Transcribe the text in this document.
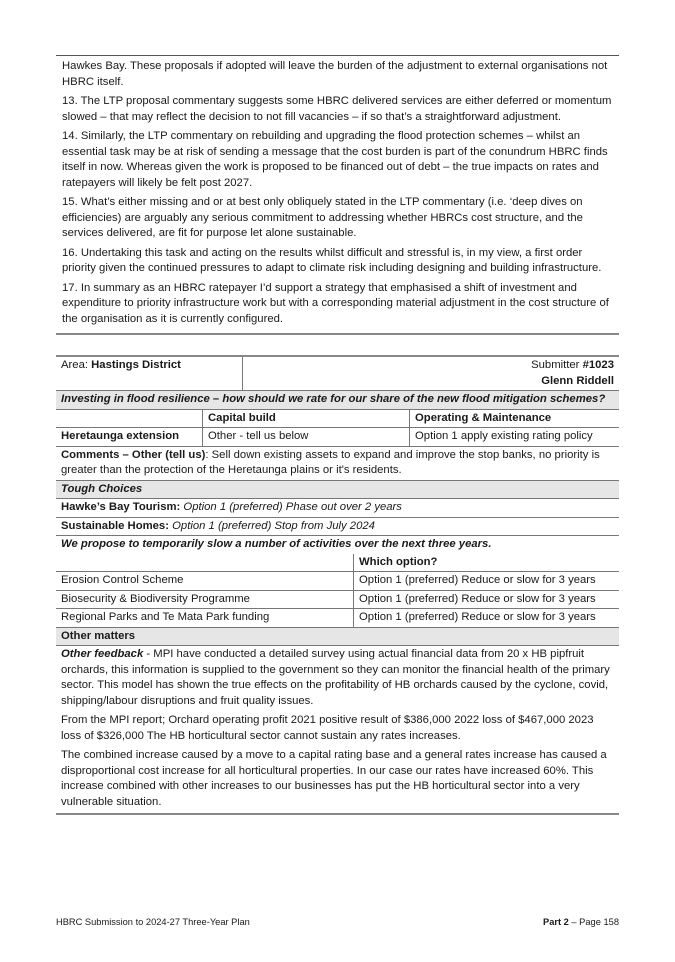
Hawkes Bay. These proposals if adopted will leave the burden of the adjustment to external organisations not HBRC itself.

13. The LTP proposal commentary suggests some HBRC delivered services are either deferred or momentum slowed – that may reflect the decision to not fill vacancies – if so that’s a straightforward adjustment.

14. Similarly, the LTP commentary on rebuilding and upgrading the flood protection schemes – whilst an essential task may be at risk of sending a message that the cost burden is part of the conundrum HBRC finds itself in now. Whereas given the work is proposed to be financed out of debt – the true impacts on rates and ratepayers will likely be felt post 2027.

15. What’s either missing and or at best only obliquely stated in the LTP commentary (i.e. ‘deep dives on efficiencies) are arguably any serious commitment to addressing whether HBRCs cost structure, and the services delivered, are fit for purpose let alone sustainable.

16. Undertaking this task and acting on the results whilst difficult and stressful is, in my view, a first order priority given the continued pressures to adapt to climate risk including designing and building infrastructure.

17. In summary as an HBRC ratepayer I’d support a strategy that emphasised a shift of investment and expenditure to priority infrastructure work but with a corresponding material adjustment in the cost structure of the organisation as it is currently configured.

Area: Hastings District	Submitter #1023
Glenn Riddell
Investing in flood resilience – how should we rate for our share of the new flood mitigation schemes?
	Capital build	Operating & Maintenance
Heretaunga extension	Other - tell us below	Option 1 apply existing rating policy
Comments – Other (tell us): Sell down existing assets to expand and improve the stop banks, no priority is greater than the protection of the Heretaunga plains or it's residents.
Tough Choices
Hawke’s Bay Tourism: Option 1 (preferred) Phase out over 2 years
Sustainable Homes: Option 1 (preferred) Stop from July 2024
We propose to temporarily slow a number of activities over the next three years.
	Which option?
Erosion Control Scheme	Option 1 (preferred) Reduce or slow for 3 years
Biosecurity & Biodiversity Programme	Option 1 (preferred) Reduce or slow for 3 years
Regional Parks and Te Mata Park funding	Option 1 (preferred) Reduce or slow for 3 years
Other matters

Other feedback - MPI have conducted a detailed survey using actual financial data from 20 x HB pipfruit orchards, this information is supplied to the government so they can monitor the financial health of the primary sector. This model has shown the true effects on the profitability of HB orchards caused by the cyclone, covid, shipping/labour disruptions and fruit quality issues.

From the MPI report; Orchard operating profit 2021 positive result of $386,000 2022 loss of $467,000 2023 loss of $326,000 The HB horticultural sector cannot sustain any rates increases.

The combined increase caused by a move to a capital rating base and a general rates increase has caused a disproportional cost increase for all horticultural properties. In our case our rates have increased 60%. This increase combined with other increases to our businesses has put the HB horticultural sector into a very vulnerable situation.

HBRC Submission to 2024-27 Three-Year Plan	Part 2 – Page 158
